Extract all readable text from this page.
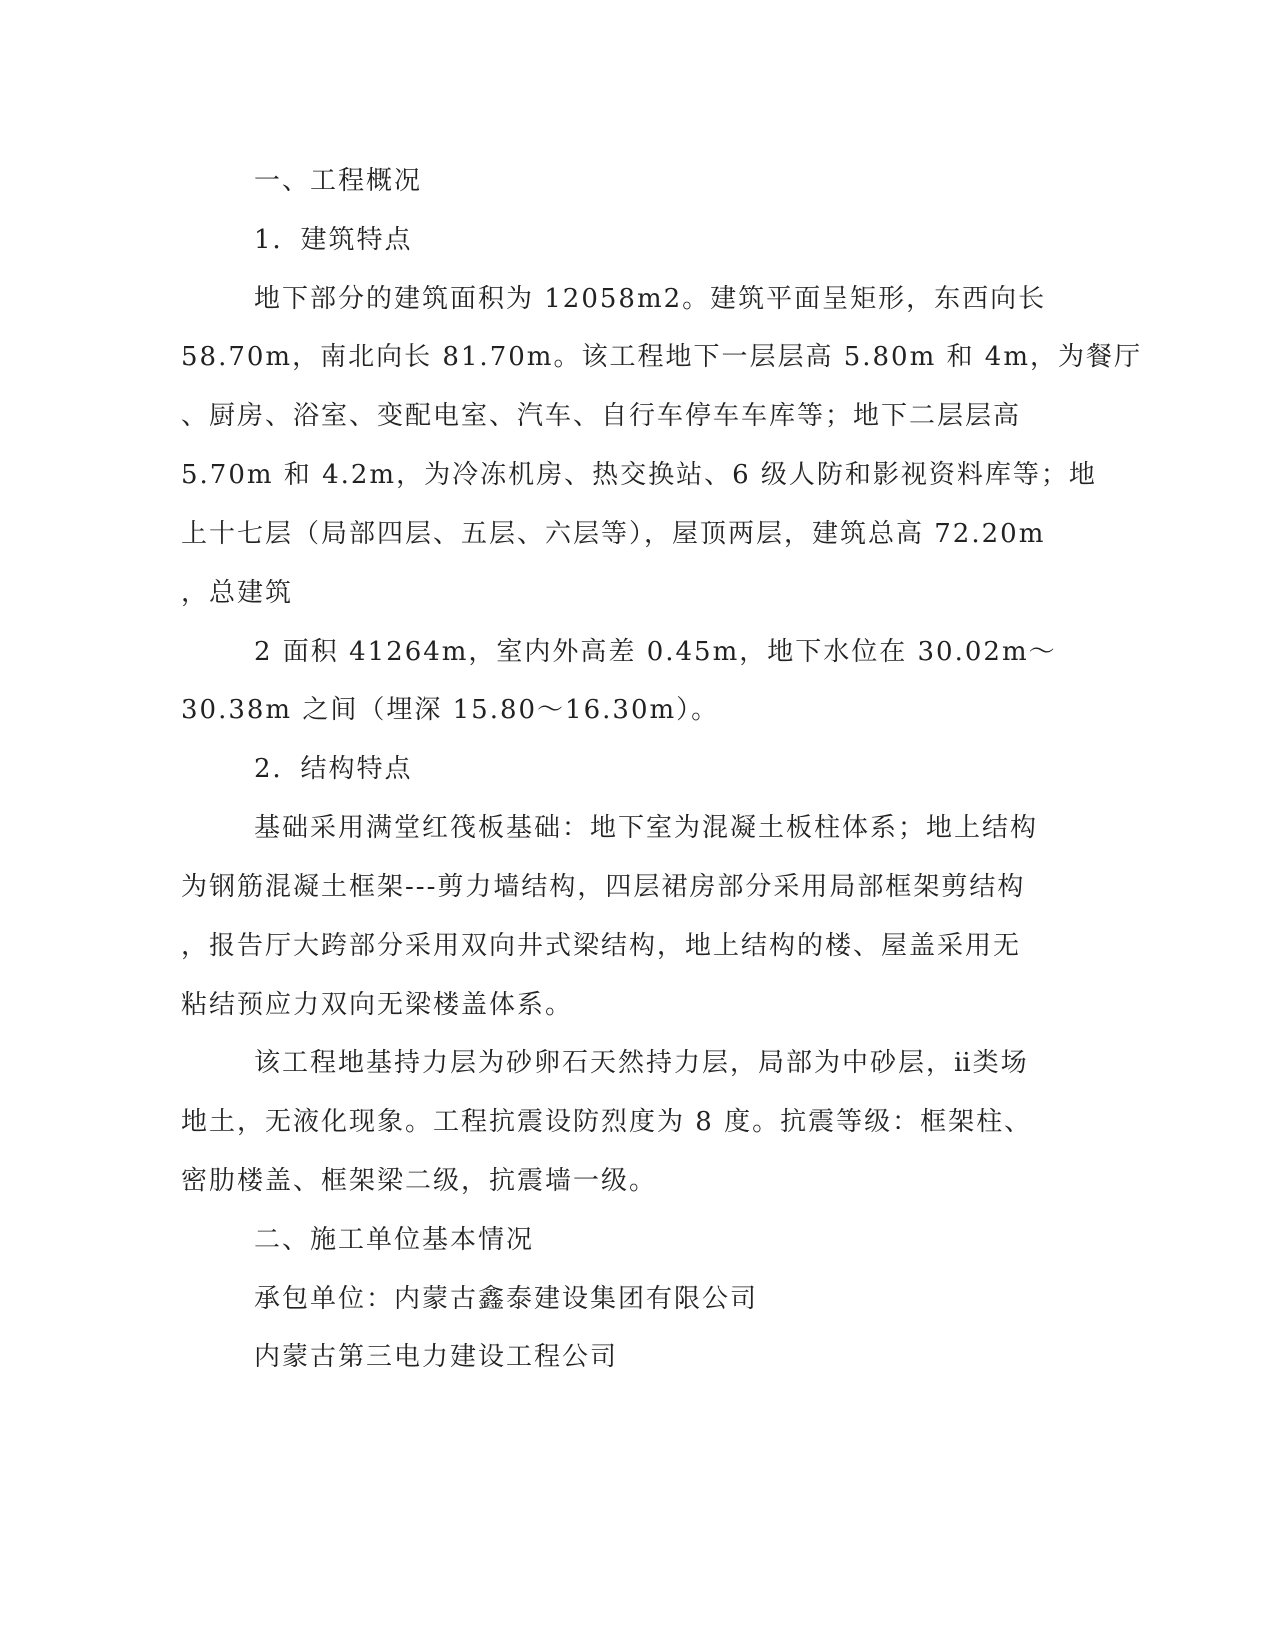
一、工程概况
1．建筑特点
地下部分的建筑面积为 12058m2。建筑平面呈矩形，东西向长
58.70m，南北向长 81.70m。该工程地下一层层高 5.80m 和 4m，为餐厅
、厨房、浴室、变配电室、汽车、自行车停车车库等；地下二层层高
5.70m 和 4.2m，为冷冻机房、热交换站、6 级人防和影视资料库等；地
上十七层（局部四层、五层、六层等），屋顶两层，建筑总高 72.20m
，总建筑
2 面积 41264m，室内外高差 0.45m，地下水位在 30.02m～
30.38m 之间（埋深 15.80～16.30m）。
2．结构特点
基础采用满堂红筏板基础：地下室为混凝土板柱体系；地上结构
为钢筋混凝土框架---剪力墙结构，四层裙房部分采用局部框架剪结构
，报告厅大跨部分采用双向井式梁结构，地上结构的楼、屋盖采用无
粘结预应力双向无梁楼盖体系。
该工程地基持力层为砂卵石天然持力层，局部为中砂层，ⅱ类场
地土，无液化现象。工程抗震设防烈度为 8 度。抗震等级：框架柱、
密肋楼盖、框架梁二级，抗震墙一级。
二、施工单位基本情况
承包单位：内蒙古鑫泰建设集团有限公司
内蒙古第三电力建设工程公司
